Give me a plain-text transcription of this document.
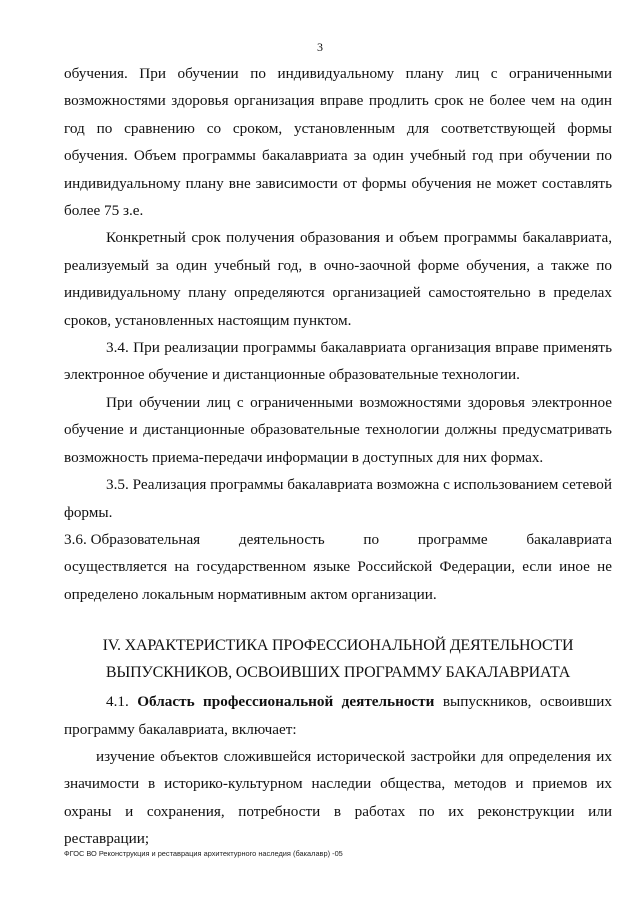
3

обучения. При обучении по индивидуальному плану лиц с ограниченными возможностями здоровья организация вправе продлить срок не более чем на один год по сравнению со сроком, установленным для соответствующей формы обучения. Объем программы бакалавриата за один учебный год при обучении по индивидуальному плану вне зависимости от формы обучения не может составлять более 75 з.е.

Конкретный срок получения образования и объем программы бакалавриата, реализуемый за один учебный год, в очно-заочной форме обучения, а также по индивидуальному плану определяются организацией самостоятельно в пределах сроков, установленных настоящим пунктом.

3.4. При реализации программы бакалавриата организация вправе применять электронное обучение и дистанционные образовательные технологии.

При обучении лиц с ограниченными возможностями здоровья электронное обучение и дистанционные образовательные технологии должны предусматривать возможность приема-передачи информации в доступных для них формах.

3.5. Реализация программы бакалавриата возможна с использованием сетевой формы.

3.6. Образовательная	деятельность	по	программе	бакалавриата

осуществляется на государственном языке Российской Федерации, если иное не определено локальным нормативным актом организации.

IV. ХАРАКТЕРИСТИКА ПРОФЕССИОНАЛЬНОЙ ДЕЯТЕЛЬНОСТИ
ВЫПУСКНИКОВ, ОСВОИВШИХ ПРОГРАММУ БАКАЛАВРИАТА

4.1. Область профессиональной деятельности выпускников, освоивших программу бакалавриата, включает:

изучение объектов сложившейся исторической застройки для определения их значимости в историко-культурном наследии общества, методов и приемов их охраны и сохранения, потребности в работах по их реконструкции или реставрации;

ФГОС ВО Реконструкция и реставрация архитектурного наследия (бакалавр) -05
